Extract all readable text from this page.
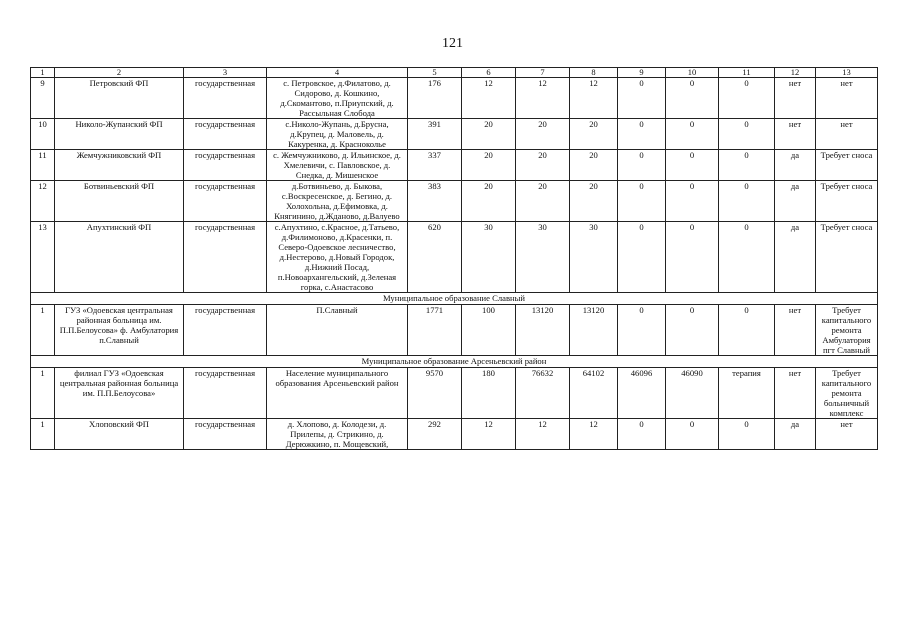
121
1	2	3	4	5	6	7	8	9	10	11	12	13
9	Петровский ФП	государственная	с. Петровское, д.Филатово, д. Сидорово, д. Кошкино, д.Скомантово, п.Приупский, д. Рассыльная Слобода	176	12	12	12	0	0	0	нет	нет
10	Николо-Жупанский ФП	государственная	с.Николо-Жупань, д.Брусна, д.Крупец, д. Маловель, д. Какуренка, д. Краснокольe	391	20	20	20	0	0	0	нет	нет
11	Жемчужниковский ФП	государственная	с. Жемчужниково, д. Ильинское, д. Хмелевичи, с. Павловское, д. Снедка, д. Мишенское	337	20	20	20	0	0	0	да	Требует сноса
12	Ботвиньевский ФП	государственная	д.Ботвиньево, д. Быкова, с.Воскресенское, д. Бегино, д. Холохольна, д.Ефимовка, д. Княгинино, д.Жданово, д.Валуево	383	20	20	20	0	0	0	да	Требует сноса
13	Апухтинский ФП	государственная	с.Апухтино, с.Красное, д.Татьево, д.Филимоново, д.Красенки, п. Северо-Одоевское лесничество, д.Нестерово, д.Новый Городок, д.Нижний Посад, п.Новоархангельский, д.Зеленая горка, с.Анастасово	620	30	30	30	0	0	0	да	Требует сноса
Муниципальное образование Славный												
1	ГУЗ «Одоевская центральная районная больница им. П.П.Белоусова» ф. Амбулатория п.Славный	государственная	П.Славный	1771	100	13120	13120	0	0	0	нет	Требует капитального ремонта Амбулатория пгт Славный
Муниципальное образование Арсеньевский район												
1	филиал ГУЗ «Одоевская центральная районная больница им. П.П.Белоусова»	государственная	Население муниципального образования Арсеньевский район	9570	180	76632	64102	46096	46090	терапия	нет	Требует капитального ремонта больничный комплекс
1	Хлоповский ФП	государственная	д. Хлопово, д. Колодези, д. Прилепы, д. Стрикино, д. Дерюжкино, п. Мощевский,	292	12	12	12	0	0	0	да	нет
